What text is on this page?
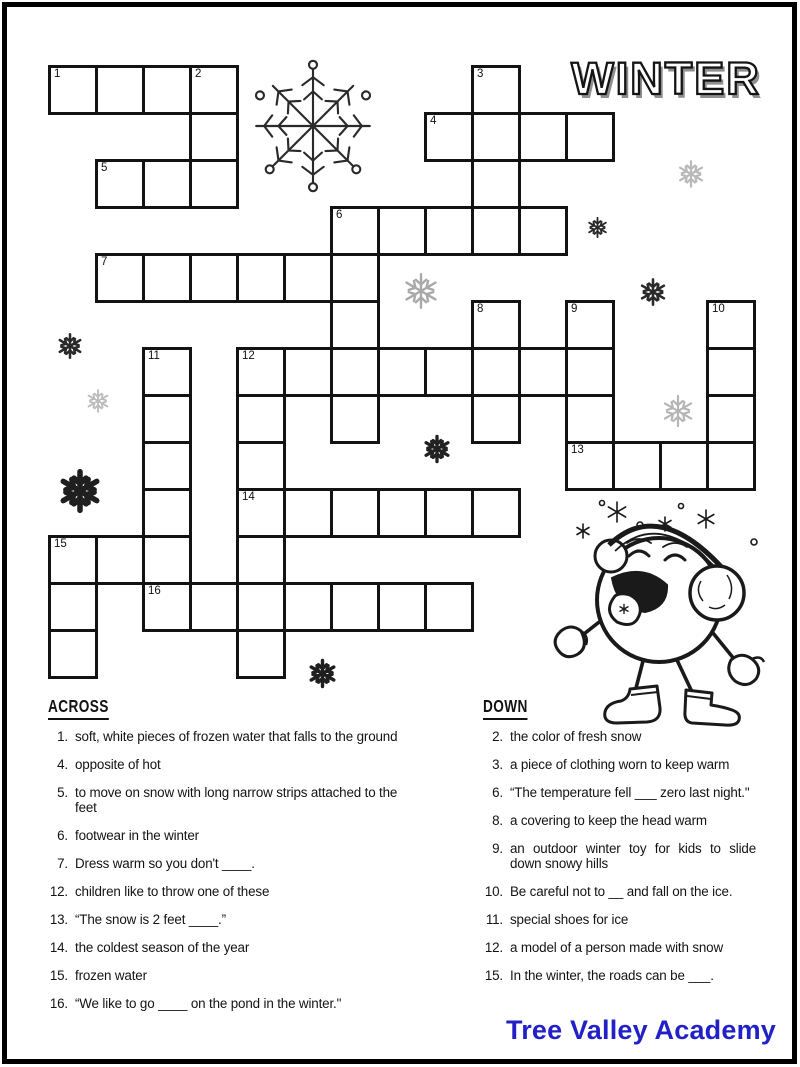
1	2	3
4
5
6
7
8	9	10
11	12
13
14
15
16
WINTER
ACROSS
1. soft, white pieces of frozen water that falls to the ground
4. opposite of hot
5. to move on snow with long narrow strips attached to the feet
6. footwear in the winter
7. Dress warm so you don't ____.
12. children like to throw one of these
13. “The snow is 2 feet ____.”
14. the coldest season of the year
15. frozen water
16. “We like to go ____ on the pond in the winter."
DOWN
2. the color of fresh snow
3. a piece of clothing worn to keep warm
6. “The temperature fell ___ zero last night."
8. a covering to keep the head warm
9. an outdoor winter toy for kids to slide down snowy hills
10. Be careful not to __ and fall on the ice.
11. special shoes for ice
12. a model of a person made with snow
15. In the winter, the roads can be ___.
Tree Valley Academy
